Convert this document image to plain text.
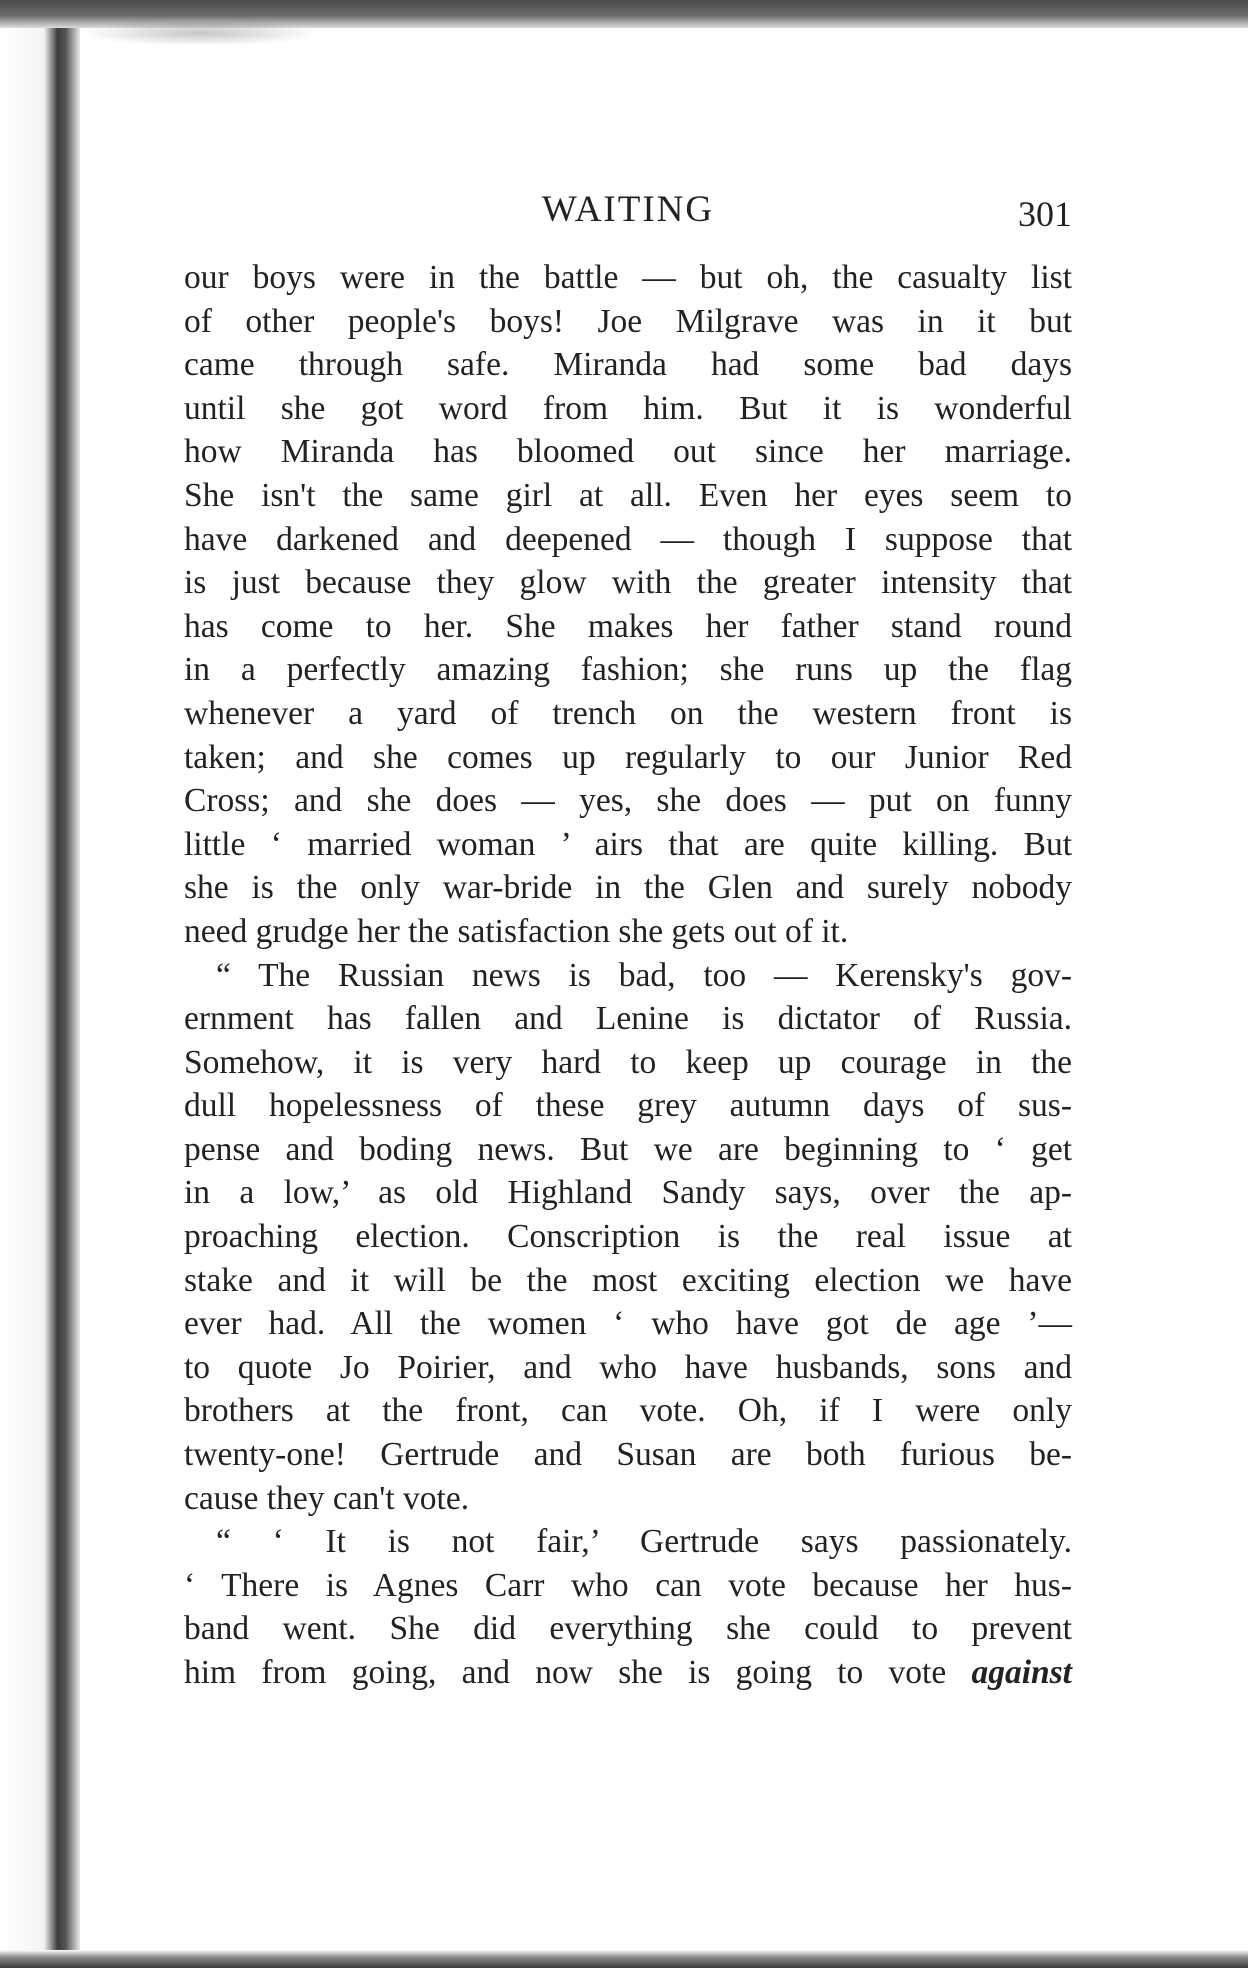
WAITING	301
our boys were in the battle — but oh, the casualty list
of other people's boys! Joe Milgrave was in it but
came through safe. Miranda had some bad days
until she got word from him. But it is wonderful
how Miranda has bloomed out since her marriage.
She isn't the same girl at all. Even her eyes seem to
have darkened and deepened — though I suppose that
is just because they glow with the greater intensity that
has come to her. She makes her father stand round
in a perfectly amazing fashion; she runs up the flag
whenever a yard of trench on the western front is
taken; and she comes up regularly to our Junior Red
Cross; and she does — yes, she does — put on funny
little ‘ married woman ’ airs that are quite killing. But
she is the only war-bride in the Glen and surely nobody
need grudge her the satisfaction she gets out of it.
“ The Russian news is bad, too — Kerensky's gov-
ernment has fallen and Lenine is dictator of Russia.
Somehow, it is very hard to keep up courage in the
dull hopelessness of these grey autumn days of sus-
pense and boding news. But we are beginning to ‘ get
in a low,’ as old Highland Sandy says, over the ap-
proaching election. Conscription is the real issue at
stake and it will be the most exciting election we have
ever had. All the women ‘ who have got de age ’—
to quote Jo Poirier, and who have husbands, sons and
brothers at the front, can vote. Oh, if I were only
twenty-one! Gertrude and Susan are both furious be-
cause they can't vote.
“ ‘ It is not fair,’ Gertrude says passionately.
‘ There is Agnes Carr who can vote because her hus-
band went. She did everything she could to prevent
him from going, and now she is going to vote against
